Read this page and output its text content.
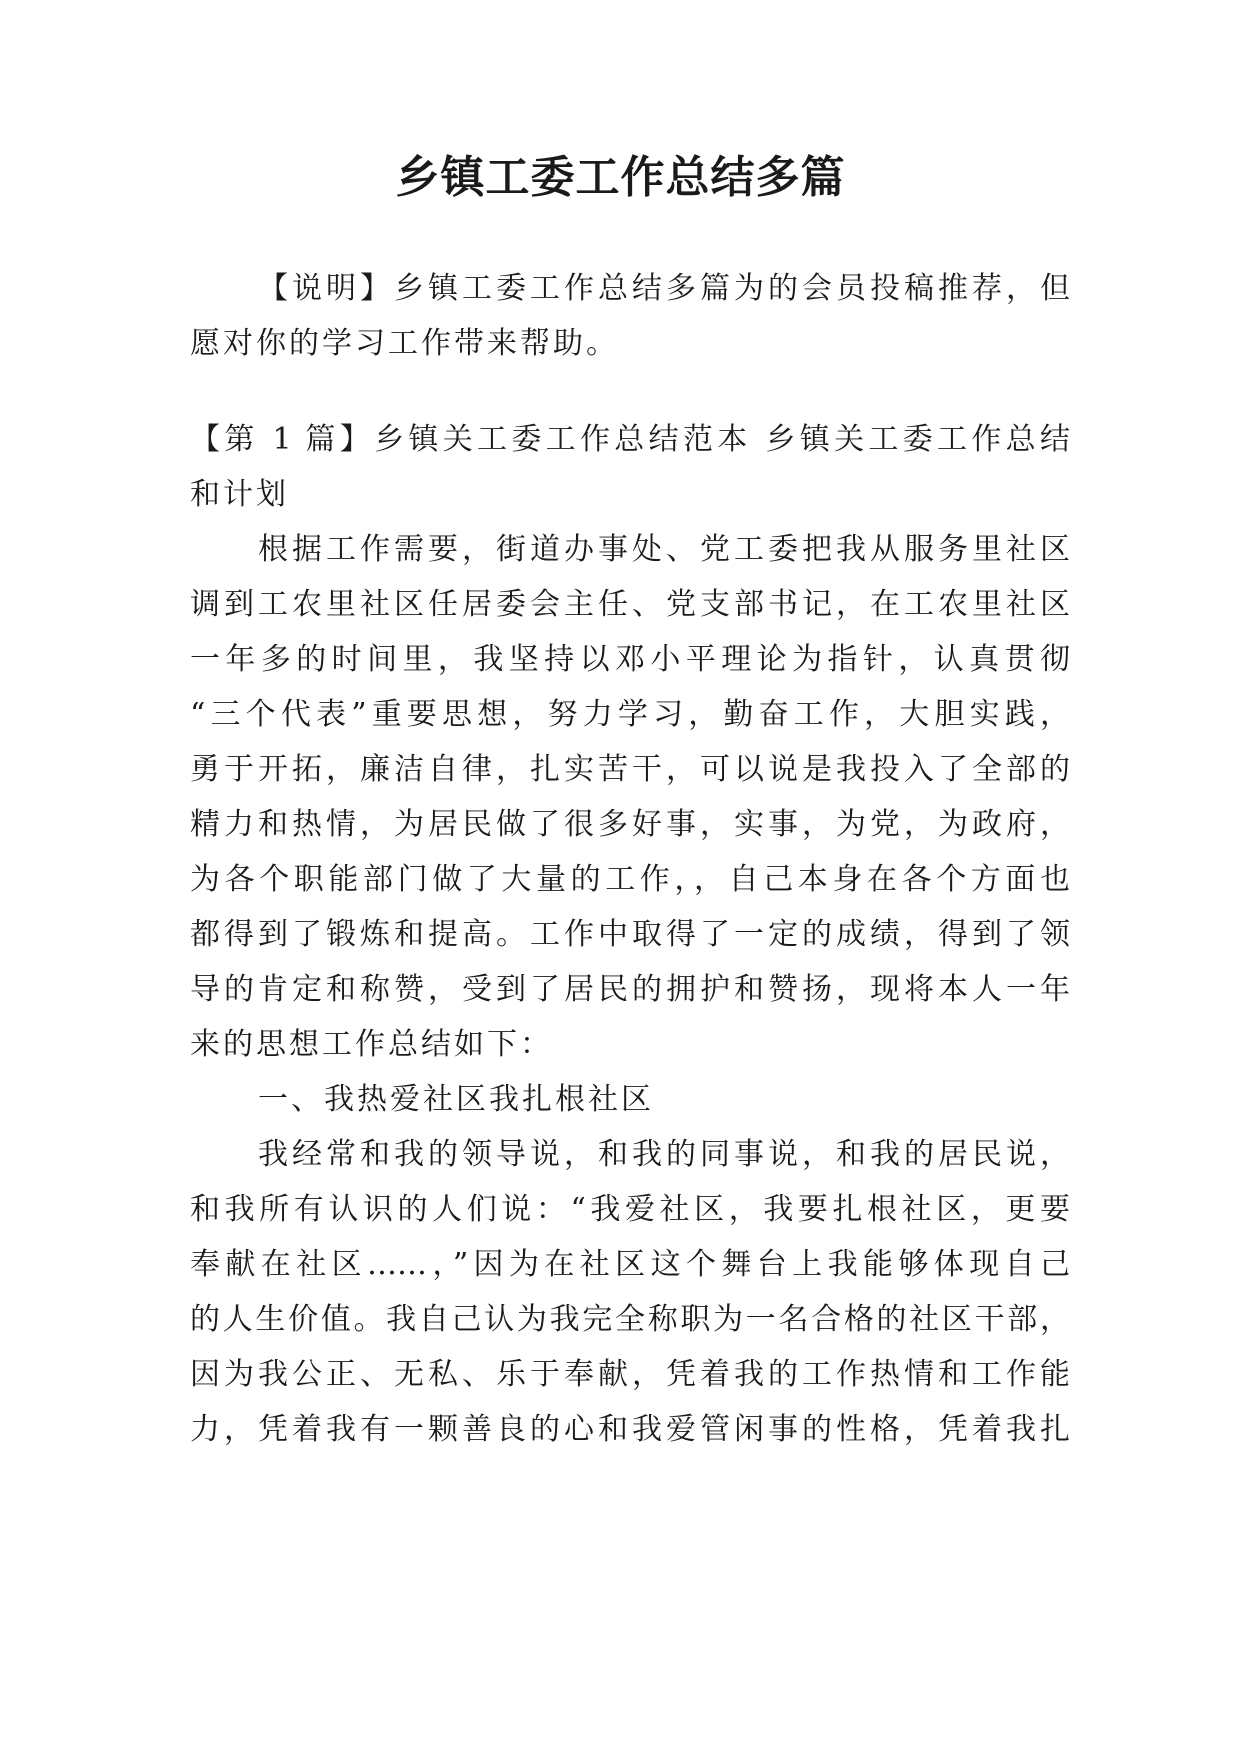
乡镇工委工作总结多篇
【说明】乡镇工委工作总结多篇为的会员投稿推荐，但
愿对你的学习工作带来帮助。
【第 1 篇】乡镇关工委工作总结范本 乡镇关工委工作总结
和计划
根据工作需要，街道办事处、党工委把我从服务里社区
调到工农里社区任居委会主任、党支部书记，在工农里社区
一年多的时间里，我坚持以邓小平理论为指针，认真贯彻
“三个代表”重要思想，努力学习，勤奋工作，大胆实践，
勇于开拓，廉洁自律，扎实苦干，可以说是我投入了全部的
精力和热情，为居民做了很多好事，实事，为党，为政府，
为各个职能部门做了大量的工作，，自己本身在各个方面也
都得到了锻炼和提高。工作中取得了一定的成绩，得到了领
导的肯定和称赞，受到了居民的拥护和赞扬，现将本人一年
来的思想工作总结如下：
一、我热爱社区我扎根社区
我经常和我的领导说，和我的同事说，和我的居民说，
和我所有认识的人们说：“我爱社区，我要扎根社区，更要
奉献在社区……，”因为在社区这个舞台上我能够体现自己
的人生价值。我自己认为我完全称职为一名合格的社区干部，
因为我公正、无私、乐于奉献，凭着我的工作热情和工作能
力，凭着我有一颗善良的心和我爱管闲事的性格，凭着我扎
